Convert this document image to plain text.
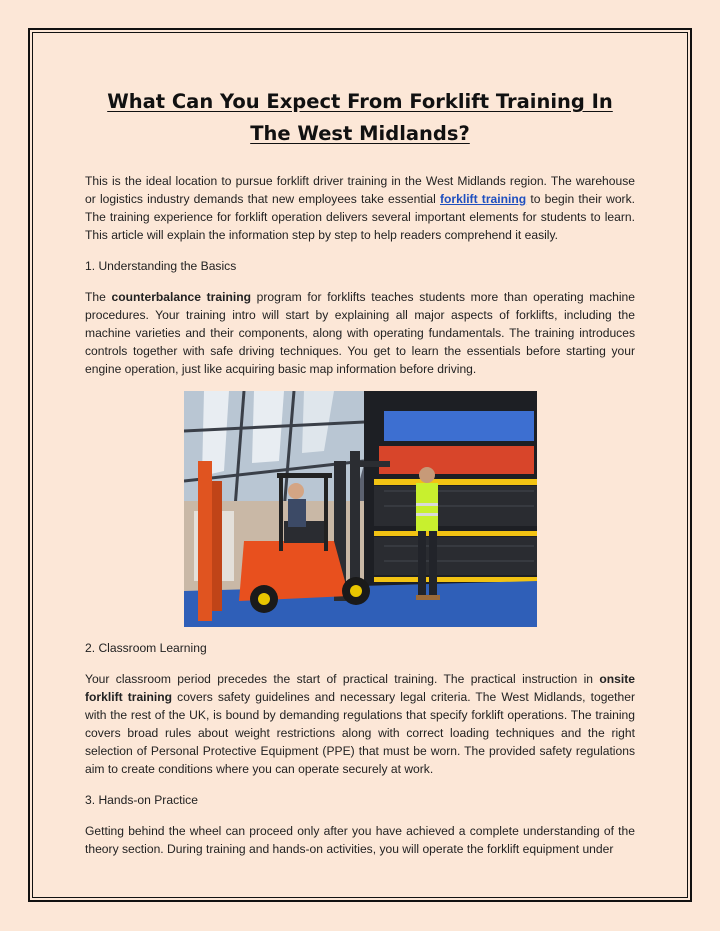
What Can You Expect From Forklift Training In The West Midlands?

This is the ideal location to pursue forklift driver training in the West Midlands region. The warehouse or logistics industry demands that new employees take essential forklift training to begin their work. The training experience for forklift operation delivers several important elements for students to learn. This article will explain the information step by step to help readers comprehend it easily.

1. Understanding the Basics

The counterbalance training program for forklifts teaches students more than operating machine procedures. Your training intro will start by explaining all major aspects of forklifts, including the machine varieties and their components, along with operating fundamentals. The training introduces controls together with safe driving techniques. You get to learn the essentials before starting your engine operation, just like acquiring basic map information before driving.

2. Classroom Learning

Your classroom period precedes the start of practical training. The practical instruction in onsite forklift training covers safety guidelines and necessary legal criteria. The West Midlands, together with the rest of the UK, is bound by demanding regulations that specify forklift operations. The training covers broad rules about weight restrictions along with correct loading techniques and the right selection of Personal Protective Equipment (PPE) that must be worn. The provided safety regulations aim to create conditions where you can operate securely at work.

3. Hands-on Practice

Getting behind the wheel can proceed only after you have achieved a complete understanding of the theory section. During training and hands-on activities, you will operate the forklift equipment under
